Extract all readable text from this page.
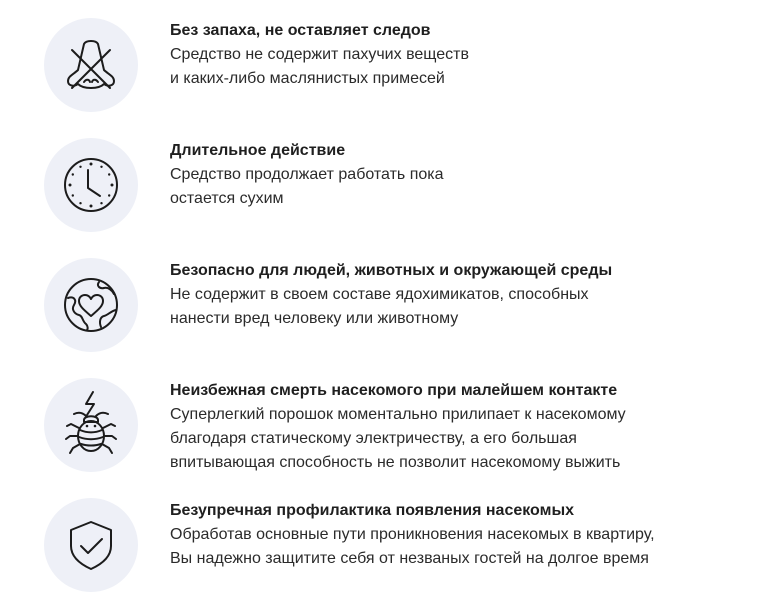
Без запаха, не оставляет следов
Средство не содержит пахучих веществ
и каких-либо маслянистых примесей
Длительное действие
Средство продолжает работать пока
остается сухим
Безопасно для людей, животных и окружающей среды
Не содержит в своем составе ядохимикатов, способных
нанести вред человеку или животному
Неизбежная смерть насекомого при малейшем контакте
Суперлегкий порошок моментально прилипает к насекомому
благодаря статическому электричеству, а его большая
впитывающая способность не позволит насекомому выжить
Безупречная профилактика появления насекомых
Обработав основные пути проникновения насекомых в квартиру,
Вы надежно защитите себя от незваных гостей на долгое время
